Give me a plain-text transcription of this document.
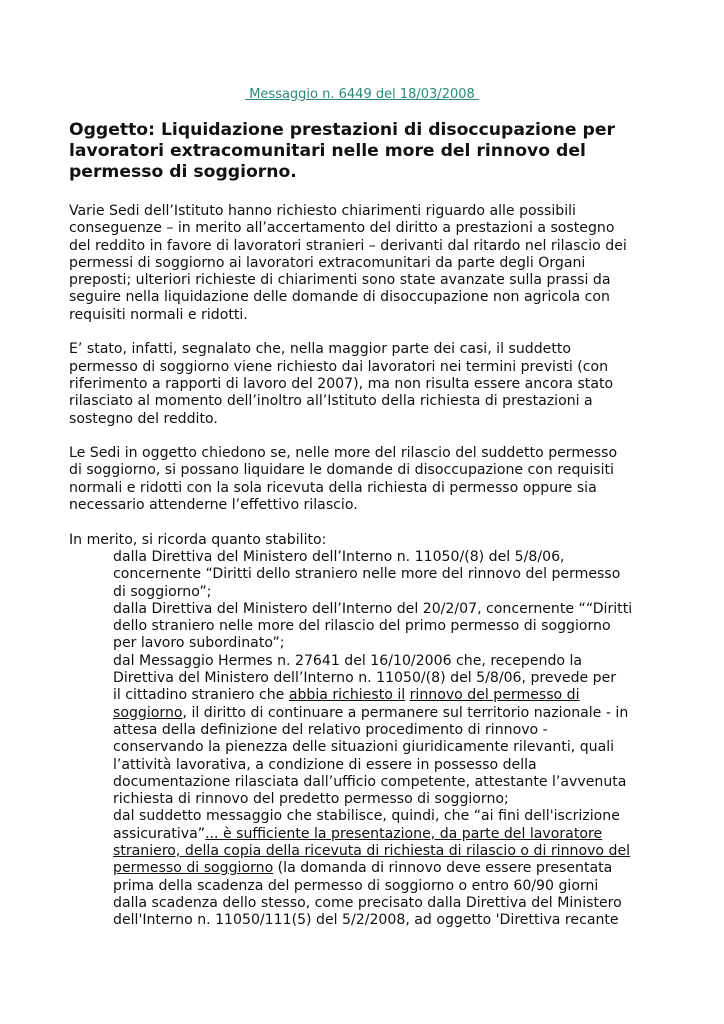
Messaggio n. 6449 del 18/03/2008
Oggetto: Liquidazione prestazioni di disoccupazione per
lavoratori extracomunitari nelle more del rinnovo del
permesso di soggiorno.

Varie Sedi dell’Istituto hanno richiesto chiarimenti riguardo alle possibili
conseguenze – in merito all’accertamento del diritto a prestazioni a sostegno
del reddito in favore di lavoratori stranieri – derivanti dal ritardo nel rilascio dei
permessi di soggiorno ai lavoratori extracomunitari da parte degli Organi
preposti; ulteriori richieste di chiarimenti sono state avanzate sulla prassi da
seguire nella liquidazione delle domande di disoccupazione non agricola con
requisiti normali e ridotti.

E’ stato, infatti, segnalato che, nella maggior parte dei casi, il suddetto
permesso di soggiorno viene richiesto dai lavoratori nei termini previsti (con
riferimento a rapporti di lavoro del 2007), ma non risulta essere ancora stato
rilasciato al momento dell’inoltro all’Istituto della richiesta di prestazioni a
sostegno del reddito.

Le Sedi in oggetto chiedono se, nelle more del rilascio del suddetto permesso
di soggiorno, si possano liquidare le domande di disoccupazione con requisiti
normali e ridotti con la sola ricevuta della richiesta di permesso oppure sia
necessario attenderne l’effettivo rilascio.

In merito, si ricorda quanto stabilito:
dalla Direttiva del Ministero dell’Interno n. 11050/(8) del 5/8/06,
concernente “Diritti dello straniero nelle more del rinnovo del permesso
di soggiorno”;
dalla Direttiva del Ministero dell’Interno del 20/2/07, concernente ““Diritti
dello straniero nelle more del rilascio del primo permesso di soggiorno
per lavoro subordinato”;
dal Messaggio Hermes n. 27641 del 16/10/2006 che, recependo la
Direttiva del Ministero dell’Interno n. 11050/(8) del 5/8/06, prevede per
il cittadino straniero che abbia richiesto il rinnovo del permesso di
soggiorno, il diritto di continuare a permanere sul territorio nazionale - in
attesa della definizione del relativo procedimento di rinnovo -
conservando la pienezza delle situazioni giuridicamente rilevanti, quali
l’attività lavorativa, a condizione di essere in possesso della
documentazione rilasciata dall’ufficio competente, attestante l’avvenuta
richiesta di rinnovo del predetto permesso di soggiorno;
dal suddetto messaggio che stabilisce, quindi, che “ai fini dell'iscrizione
assicurativa”... è sufficiente la presentazione, da parte del lavoratore
straniero, della copia della ricevuta di richiesta di rilascio o di rinnovo del
permesso di soggiorno (la domanda di rinnovo deve essere presentata
prima della scadenza del permesso di soggiorno o entro 60/90 giorni
dalla scadenza dello stesso, come precisato dalla Direttiva del Ministero
dell'Interno n. 11050/111(5) del 5/2/2008, ad oggetto 'Direttiva recante
